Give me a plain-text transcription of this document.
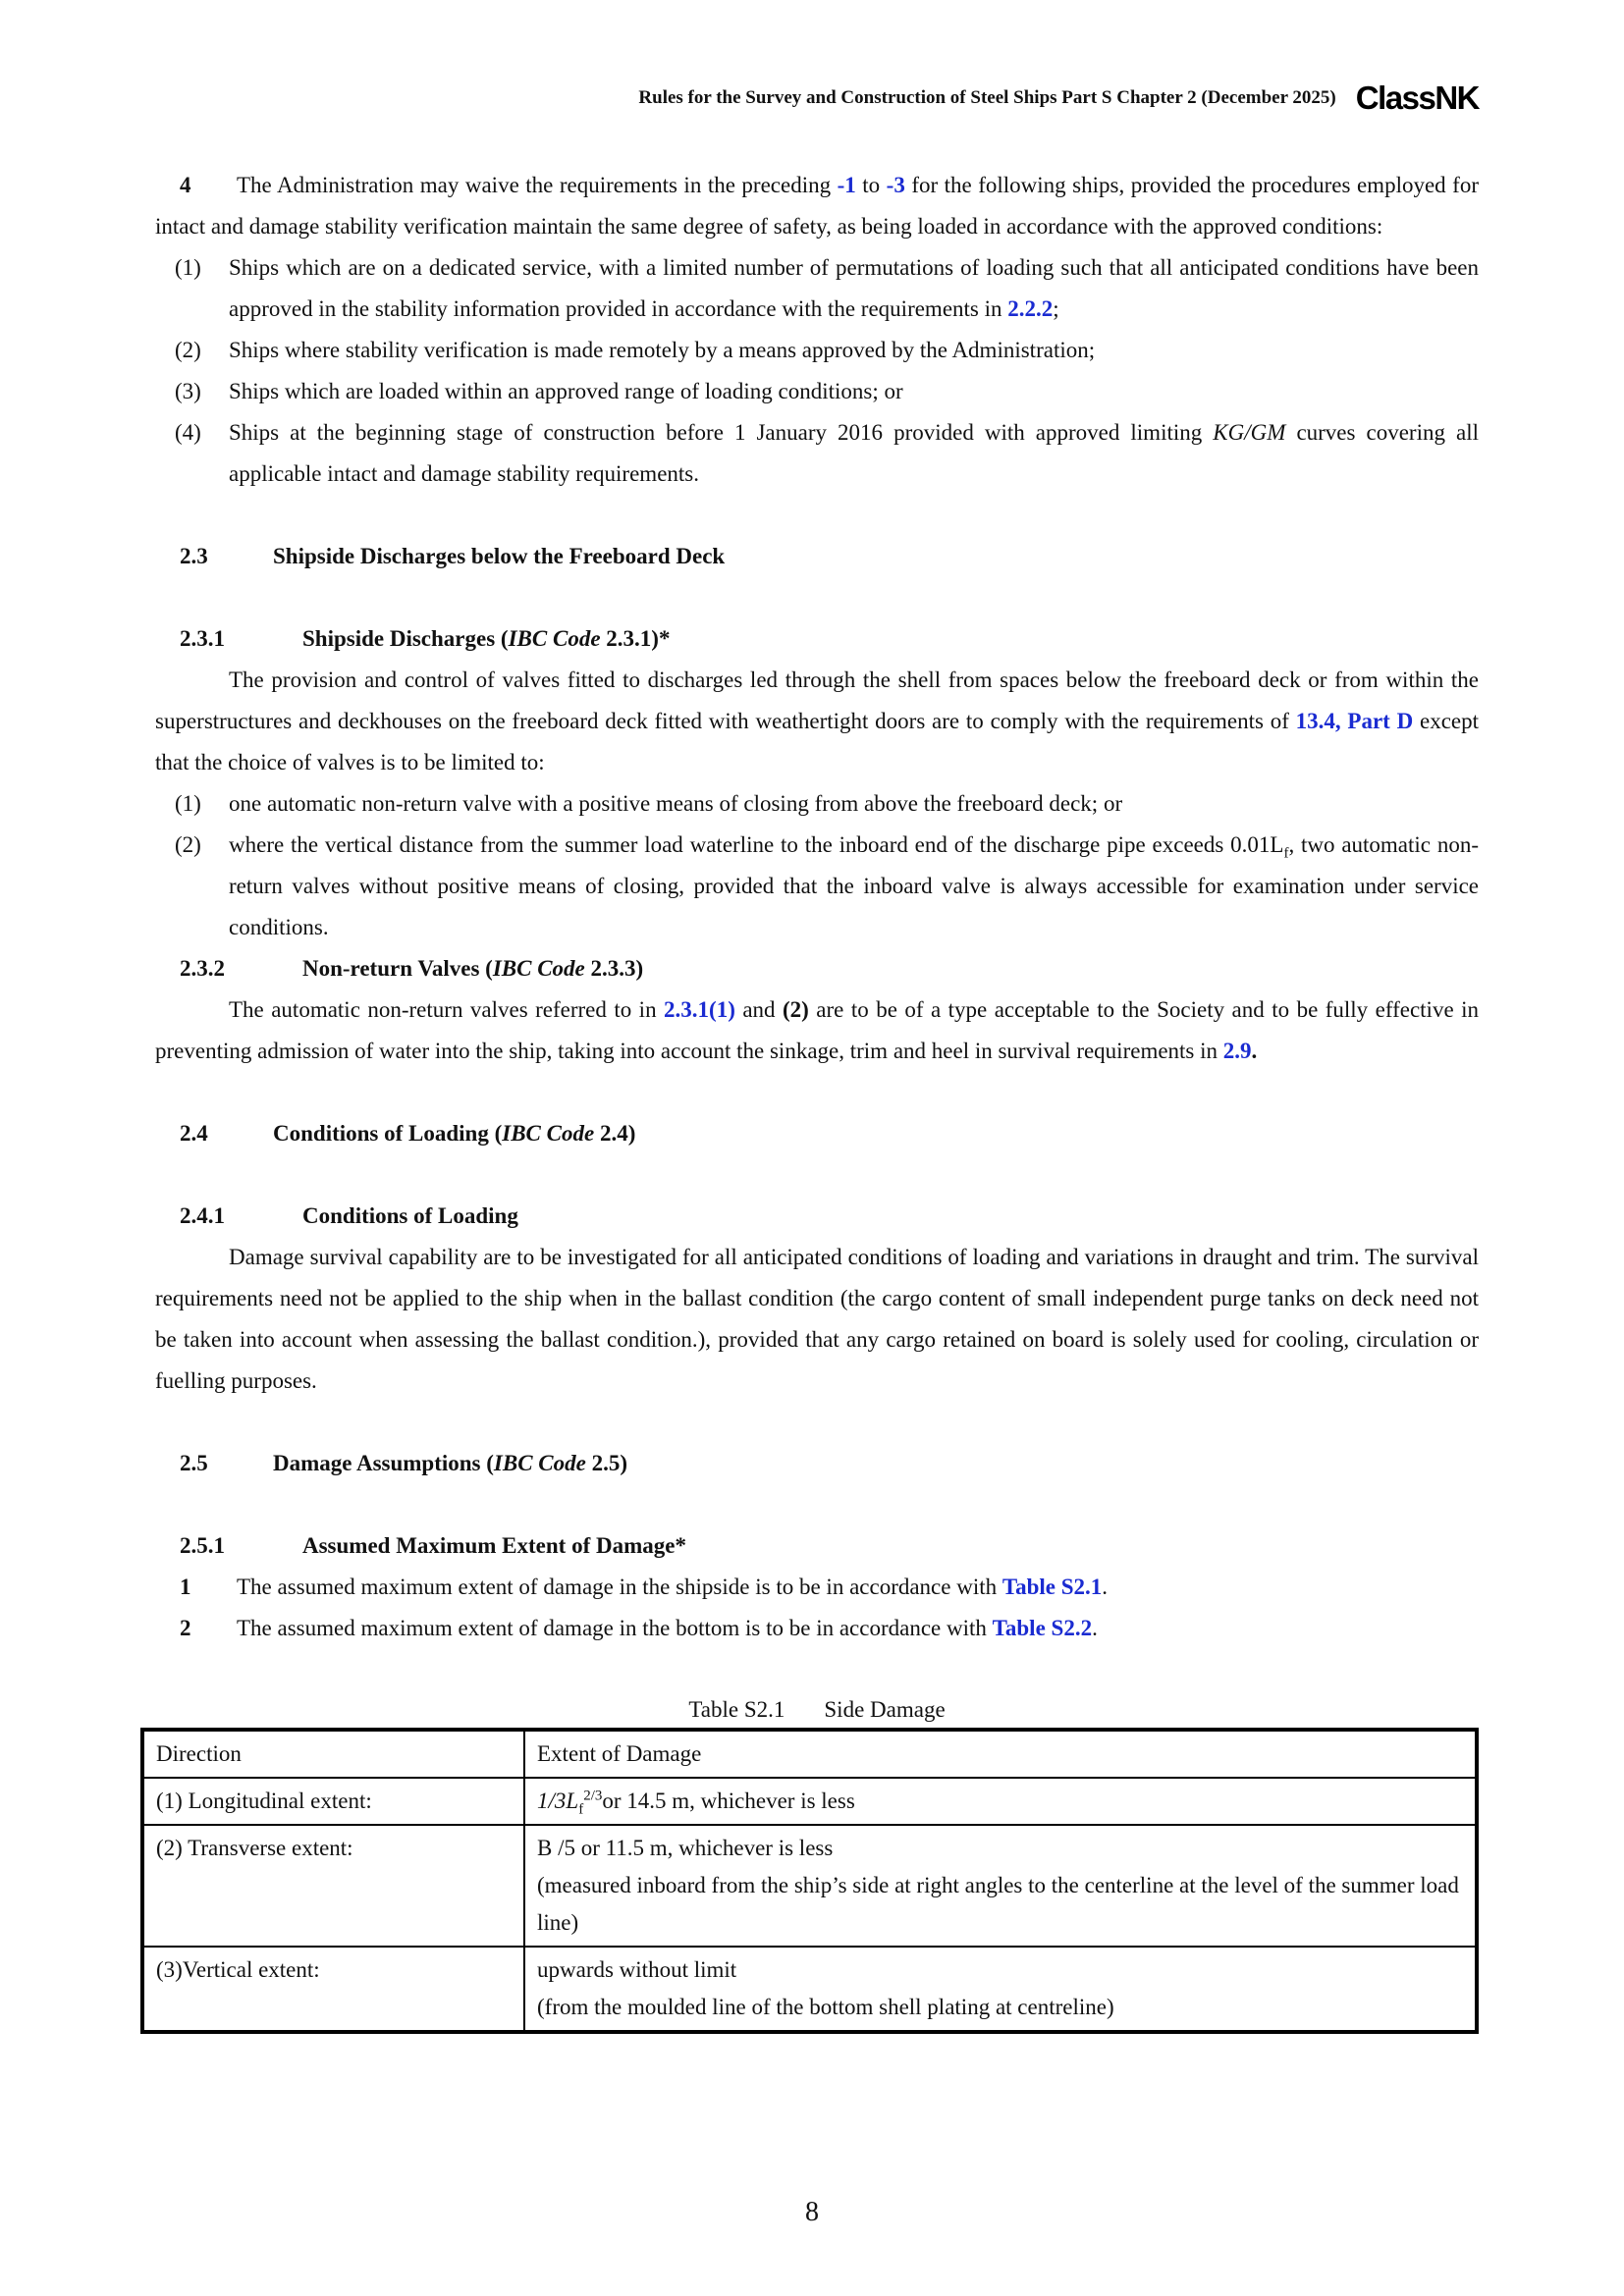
Rules for the Survey and Construction of Steel Ships Part S Chapter 2 (December 2025) ClassNK

4 The Administration may waive the requirements in the preceding -1 to -3 for the following ships, provided the procedures employed for intact and damage stability verification maintain the same degree of safety, as being loaded in accordance with the approved conditions:

(1)	Ships which are on a dedicated service, with a limited number of permutations of loading such that all anticipated conditions have been approved in the stability information provided in accordance with the requirements in 2.2.2;
(2)	Ships where stability verification is made remotely by a means approved by the Administration;
(3)	Ships which are loaded within an approved range of loading conditions; or
(4)	Ships at the beginning stage of construction before 1 January 2016 provided with approved limiting KG/GM curves covering all applicable intact and damage stability requirements.
2.3	Shipside Discharges below the Freeboard Deck
2.3.1	Shipside Discharges (IBC Code 2.3.1)*

The provision and control of valves fitted to discharges led through the shell from spaces below the freeboard deck or from within the superstructures and deckhouses on the freeboard deck fitted with weathertight doors are to comply with the requirements of 13.4, Part D except that the choice of valves is to be limited to:

(1)	one automatic non-return valve with a positive means of closing from above the freeboard deck; or
(2)	where the vertical distance from the summer load waterline to the inboard end of the discharge pipe exceeds $0.01L_f$, two automatic non-return valves without positive means of closing, provided that the inboard valve is always accessible for examination under service conditions.
2.3.2	Non-return Valves (IBC Code 2.3.3)

The automatic non-return valves referred to in 2.3.1(1) and (2) are to be of a type acceptable to the Society and to be fully effective in preventing admission of water into the ship, taking into account the sinkage, trim and heel in survival requirements in 2.9.

2.4	Conditions of Loading (IBC Code 2.4)
2.4.1	Conditions of Loading

Damage survival capability are to be investigated for all anticipated conditions of loading and variations in draught and trim. The survival requirements need not be applied to the ship when in the ballast condition (the cargo content of small independent purge tanks on deck need not be taken into account when assessing the ballast condition.), provided that any cargo retained on board is solely used for cooling, circulation or fuelling purposes.

2.5	Damage Assumptions (IBC Code 2.5)
2.5.1	Assumed Maximum Extent of Damage*

1 The assumed maximum extent of damage in the shipside is to be in accordance with Table S2.1.

2 The assumed maximum extent of damage in the bottom is to be in accordance with Table S2.2.

Table S2.1 Side Damage
Direction	Extent of Damage
(1) Longitudinal extent:	$1/3L_f^{2/3}or$ 14.5 m, whichever is less
(2) Transverse extent:	B /5 or 11.5 m, whichever is less
(measured inboard from the ship’s side at right angles to the centerline at the level of the summer load line)

(3)Vertical extent:	upwards without limit
(from the moulded line of the bottom shell plating at centreline)
8
